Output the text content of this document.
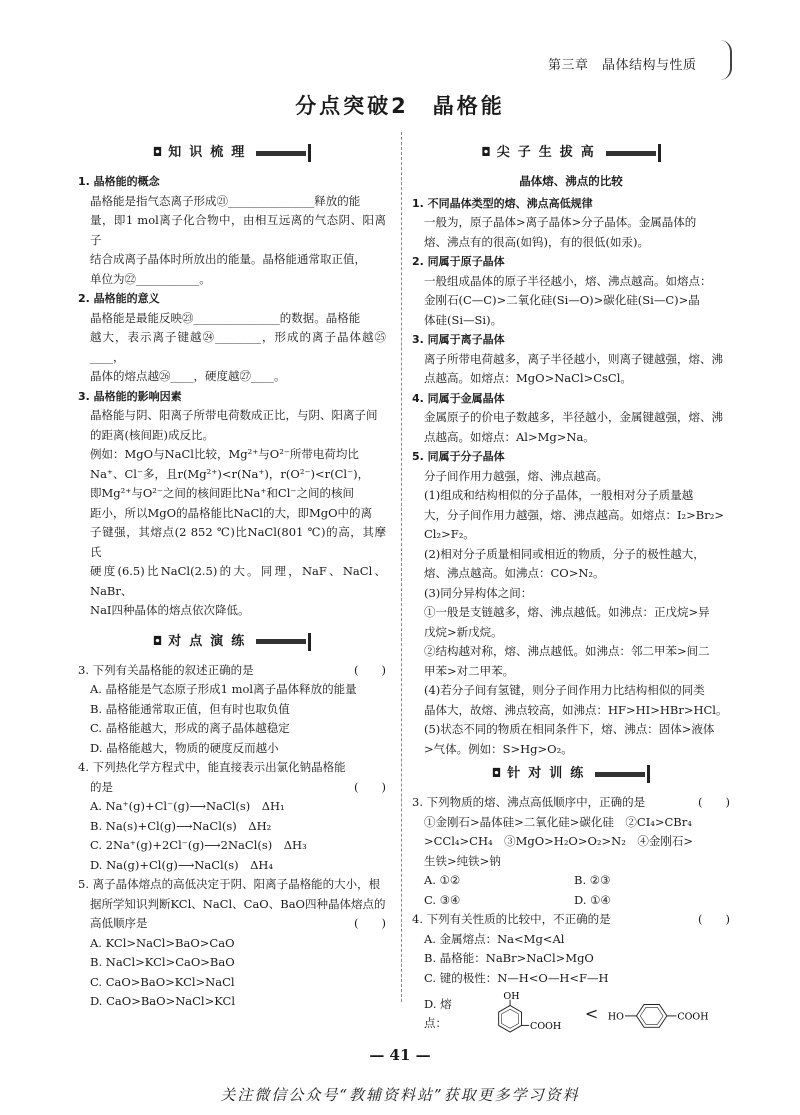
第三章　晶体结构与性质
分点突破2　晶格能
◘ 知识梳理
1. 晶格能的概念
晶格能是指气态离子形成㉑_______________释放的能
量，即1 mol离子化合物中，由相互远离的气态阴、阳离子
结合成离子晶体时所放出的能量。晶格能通常取正值，
单位为㉒___________。
2. 晶格能的意义
晶格能是最能反映㉓_______________的数据。晶格能
越大，表示离子键越㉔________，形成的离子晶体越㉕____，
晶体的熔点越㉖____，硬度越㉗____。
3. 晶格能的影响因素
晶格能与阴、阳离子所带电荷数成正比，与阴、阳离子间
的距离(核间距)成反比。
例如：MgO与NaCl比较，Mg²⁺与O²⁻所带电荷均比
Na⁺、Cl⁻多，且r(Mg²⁺)<r(Na⁺)，r(O²⁻)<r(Cl⁻)，
即Mg²⁺与O²⁻之间的核间距比Na⁺和Cl⁻之间的核间
距小，所以MgO的晶格能比NaCl的大，即MgO中的离
子键强，其熔点(2 852 ℃)比NaCl(801 ℃)的高，其摩氏
硬度(6.5)比NaCl(2.5)的大。同理，NaF、NaCl、NaBr、
NaI四种晶体的熔点依次降低。
◘ 对点演练
3. 下列有关晶格能的叙述正确的是	(　　)
A. 晶格能是气态原子形成1 mol离子晶体释放的能量
B. 晶格能通常取正值，但有时也取负值
C. 晶格能越大，形成的离子晶体越稳定
D. 晶格能越大，物质的硬度反而越小
4. 下列热化学方程式中，能直接表示出氯化钠晶格能
的是	(　　)
A. Na⁺(g)+Cl⁻(g)⟶NaCl(s)　ΔH₁
B. Na(s)+Cl(g)⟶NaCl(s)　ΔH₂
C. 2Na⁺(g)+2Cl⁻(g)⟶2NaCl(s)　ΔH₃
D. Na(g)+Cl(g)⟶NaCl(s)　ΔH₄
5. 离子晶体熔点的高低决定于阴、阳离子晶格能的大小，根
据所学知识判断KCl、NaCl、CaO、BaO四种晶体熔点的
高低顺序是	(　　)
A. KCl>NaCl>BaO>CaO
B. NaCl>KCl>CaO>BaO
C. CaO>BaO>KCl>NaCl
D. CaO>BaO>NaCl>KCl
◘ 尖子生拔高
晶体熔、沸点的比较
1. 不同晶体类型的熔、沸点高低规律
一般为，原子晶体>离子晶体>分子晶体。金属晶体的
熔、沸点有的很高(如钨)，有的很低(如汞)。
2. 同属于原子晶体
一般组成晶体的原子半径越小，熔、沸点越高。如熔点：
金刚石(C—C)>二氧化硅(Si—O)>碳化硅(Si—C)>晶
体硅(Si—Si)。
3. 同属于离子晶体
离子所带电荷越多，离子半径越小，则离子键越强，熔、沸
点越高。如熔点：MgO>NaCl>CsCl。
4. 同属于金属晶体
金属原子的价电子数越多，半径越小，金属键越强，熔、沸
点越高。如熔点：Al>Mg>Na。
5. 同属于分子晶体
分子间作用力越强，熔、沸点越高。
(1)组成和结构相似的分子晶体，一般相对分子质量越
大，分子间作用力越强，熔、沸点越高。如熔点：I₂>Br₂>
Cl₂>F₂。
(2)相对分子质量相同或相近的物质，分子的极性越大，
熔、沸点越高。如沸点：CO>N₂。
(3)同分异构体之间：
①一般是支链越多，熔、沸点越低。如沸点：正戊烷>异
戊烷>新戊烷。
②结构越对称，熔、沸点越低。如沸点：邻二甲苯>间二
甲苯>对二甲苯。
(4)若分子间有氢键，则分子间作用力比结构相似的同类
晶体大，故熔、沸点较高，如沸点：HF>HI>HBr>HCl。
(5)状态不同的物质在相同条件下，熔、沸点：固体>液体
>气体。例如：S>Hg>O₂。
◘ 针对训练
3. 下列物质的熔、沸点高低顺序中，正确的是	(　　)
①金刚石>晶体硅>二氧化硅>碳化硅　②CI₄>CBr₄
>CCl₄>CH₄　③MgO>H₂O>O₂>N₂　④金刚石>
生铁>纯铁>钠
A. ①②	B. ②③
C. ③④	D. ①④
4. 下列有关性质的比较中，不正确的是	(　　)
A. 金属熔点：Na<Mg<Al
B. 晶格能：NaBr>NaCl>MgO
C. 键的极性：N—H<O—H<F—H
D. 熔点：
OH
COOH
< HO	COOH
— 41 —
关注微信公众号“教辅资料站”获取更多学习资料
